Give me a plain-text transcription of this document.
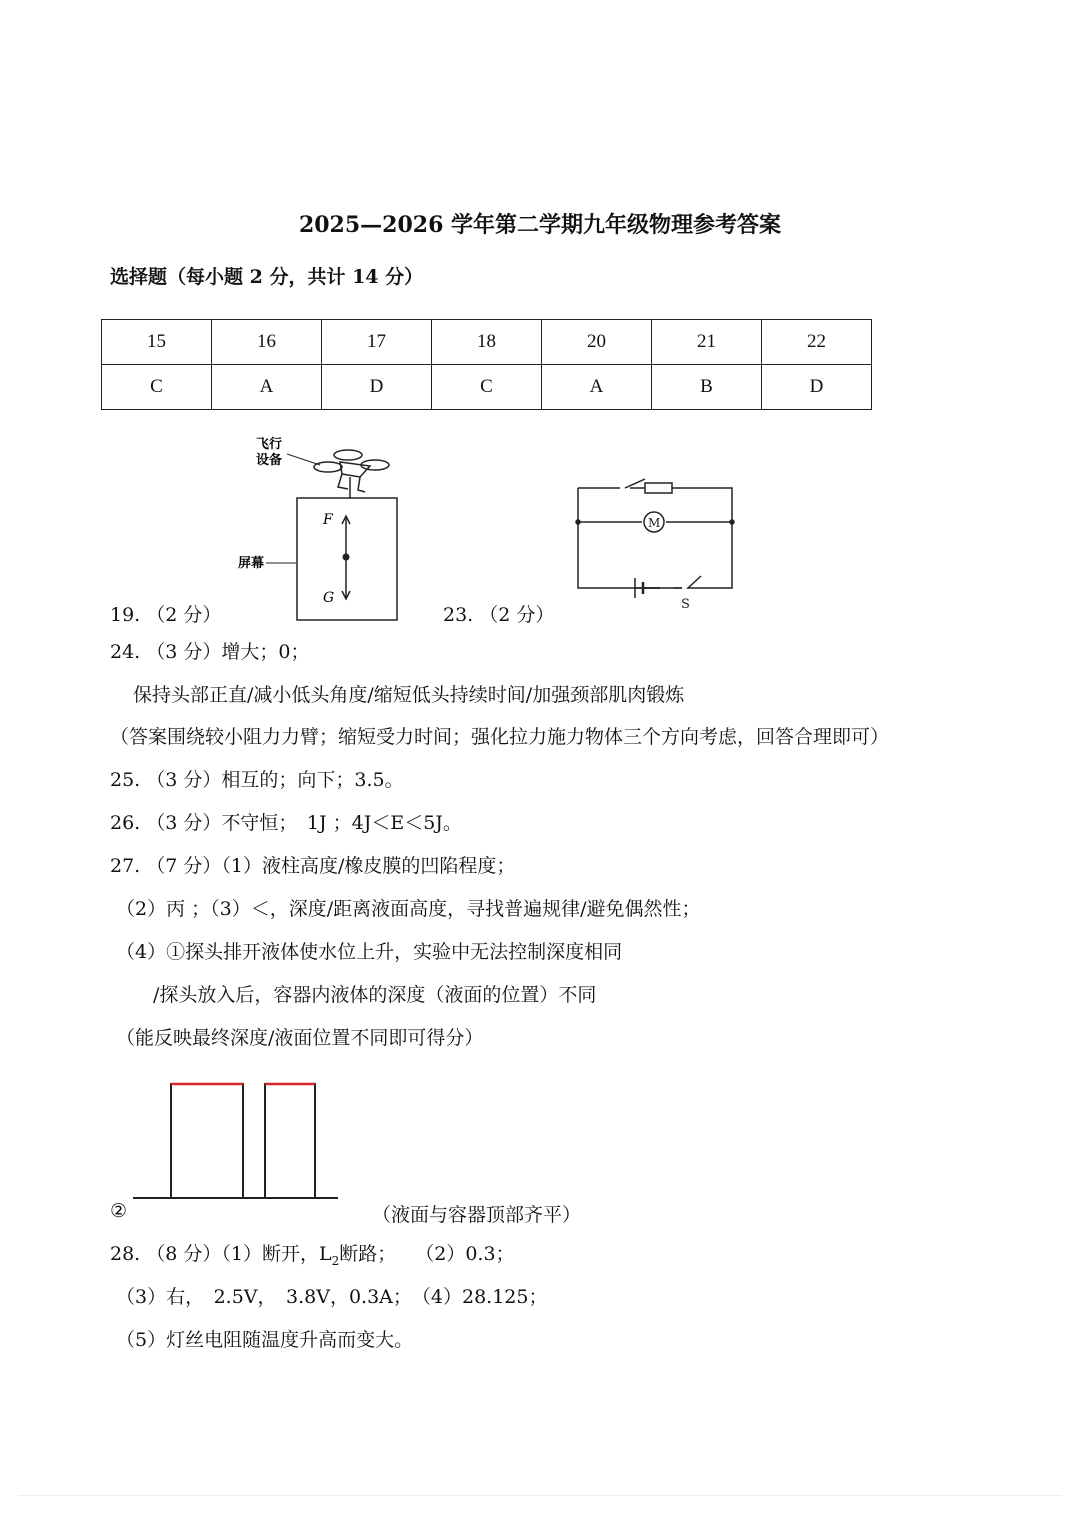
2025—2026 学年第二学期九年级物理参考答案
选择题（每小题 2 分，共计 14 分）
15	16	17	18	20	21	22
C	A	D	C	A	B	D
飞行
设备
屏幕
F
G
19. （2 分）	23. （2 分）
M
S
24. （3 分）增大；0；
保持头部正直/减小低头角度/缩短低头持续时间/加强颈部肌肉锻炼
（答案围绕较小阻力力臂；缩短受力时间；强化拉力施力物体三个方向考虑，回答合理即可）
25. （3 分）相互的；向下；3.5。
26. （3 分）不守恒；　1J ；4J＜E＜5J。
27. （7 分）（1）液柱高度/橡皮膜的凹陷程度；
（2）丙 ；（3）＜，深度/距离液面高度，寻找普遍规律/避免偶然性；
（4）①探头排开液体使水位上升，实验中无法控制深度相同
/探头放入后，容器内液体的深度（液面的位置）不同
（能反映最终深度/液面位置不同即可得分）
②	（液面与容器顶部齐平）
28. （8 分）（1）断开，$L_2$断路；　　（2）0.3；
（3）右，　2.5V，　3.8V，0.3A；　（4）28.125；
（5）灯丝电阻随温度升高而变大。
